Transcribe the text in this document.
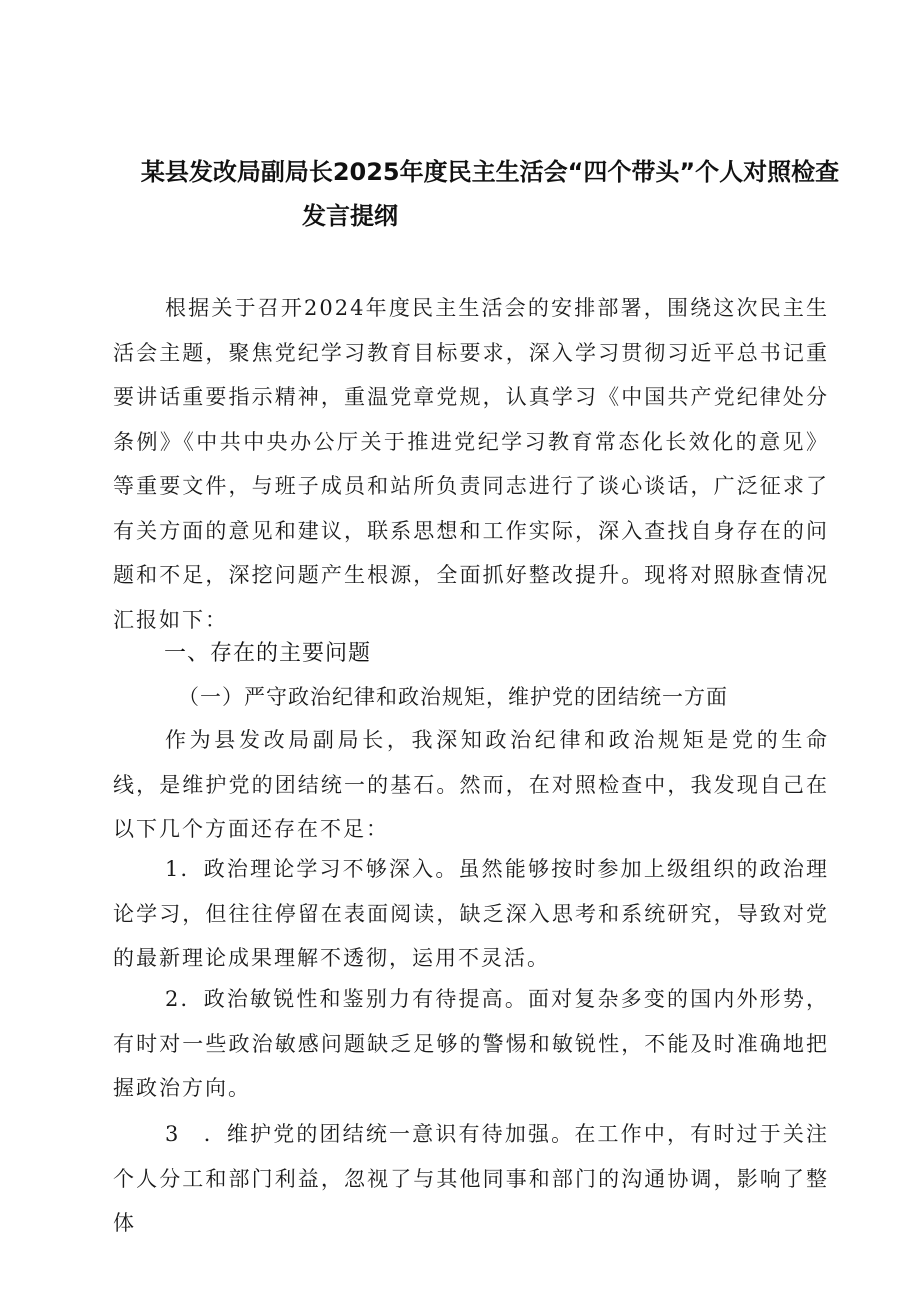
某县发改局副局长2025年度民主生活会“四个带头”个人对照检查
发言提纲

根据关于召开2024年度民主生活会的安排部署，围绕这次民主生活会主题，聚焦党纪学习教育目标要求，深入学习贯彻习近平总书记重要讲话重要指示精神，重温党章党规，认真学习《中国共产党纪律处分条例》《中共中央办公厅关于推进党纪学习教育常态化长效化的意见》等重要文件，与班子成员和站所负责同志进行了谈心谈话，广泛征求了有关方面的意见和建议，联系思想和工作实际，深入查找自身存在的问题和不足，深挖问题产生根源，全面抓好整改提升。现将对照脉查情况汇报如下：

一、存在的主要问题
（一）严守政治纪律和政治规矩，维护党的团结统一方面

作为县发改局副局长，我深知政治纪律和政治规矩是党的生命线，是维护党的团结统一的基石。然而，在对照检查中，我发现自己在以下几个方面还存在不足：

1．政治理论学习不够深入。虽然能够按时参加上级组织的政治理论学习，但往往停留在表面阅读，缺乏深入思考和系统研究，导致对党的最新理论成果理解不透彻，运用不灵活。

2．政治敏锐性和鉴别力有待提高。面对复杂多变的国内外形势，有时对一些政治敏感问题缺乏足够的警惕和敏锐性，不能及时准确地把握政治方向。

3　．维护党的团结统一意识有待加强。在工作中，有时过于关注个人分工和部门利益，忽视了与其他同事和部门的沟通协调，影响了整体
